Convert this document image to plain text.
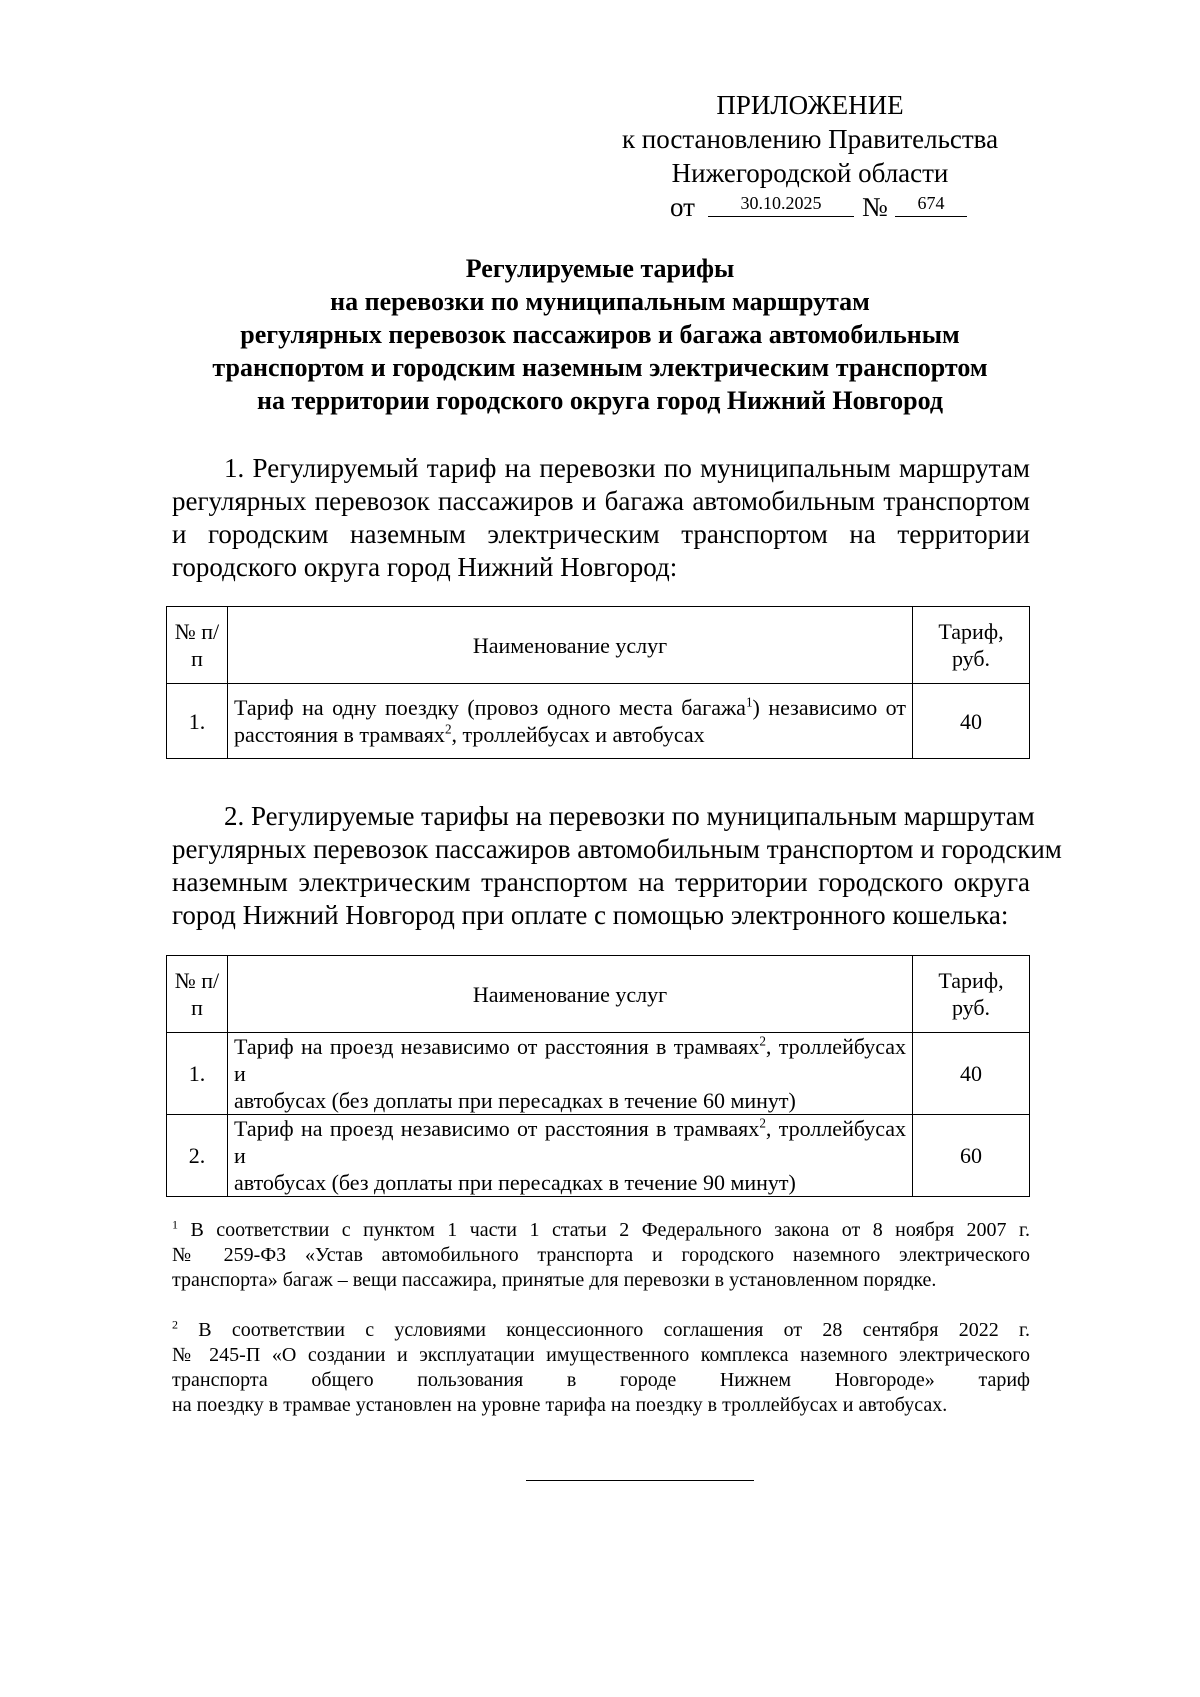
ПРИЛОЖЕНИЕ
к постановлению Правительства
Нижегородской области
от	30.10.2025	№	674
Регулируемые тарифы
на перевозки по муниципальным маршрутам
регулярных перевозок пассажиров и багажа автомобильным
транспортом и городским наземным электрическим транспортом
на территории городского округа город Нижний Новгород
1. Регулируемый тариф на перевозки по муниципальным маршрутам
регулярных перевозок пассажиров и багажа автомобильным транспортом
и городским наземным электрическим транспортом на территории
городского округа город Нижний Новгород:
№ п/п	Наименование услуг	Тариф, руб.
1.	Тариф на одну поездку (провоз одного места багажа$^1$) независимо от
расстояния в трамваях$^2$, троллейбусах и автобусах	40
2. Регулируемые тарифы на перевозки по муниципальным маршрутам
регулярных перевозок пассажиров автомобильным транспортом и городским
наземным электрическим транспортом на территории городского округа
город Нижний Новгород при оплате с помощью электронного кошелька:
№ п/п	Наименование услуг	Тариф, руб.
1.	Тариф на проезд независимо от расстояния в трамваях$^2$, троллейбусах и
автобусах (без доплаты при пересадках в течение 60 минут)	40
2.	Тариф на проезд независимо от расстояния в трамваях$^2$, троллейбусах и
автобусах (без доплаты при пересадках в течение 90 минут)	60
$^1$ В соответствии с пунктом 1 части 1 статьи 2 Федерального закона от 8 ноября 2007 г.
№ 259-ФЗ «Устав автомобильного транспорта и городского наземного электрического
транспорта» багаж – вещи пассажира, принятые для перевозки в установленном порядке.
$^2$ В соответствии с условиями концессионного соглашения от 28 сентября 2022 г.
№ 245-П «О создании и эксплуатации имущественного комплекса наземного электрического
транспорта общего пользования в городе Нижнем Новгороде» тариф
на поездку в трамвае установлен на уровне тарифа на поездку в троллейбусах и автобусах.
